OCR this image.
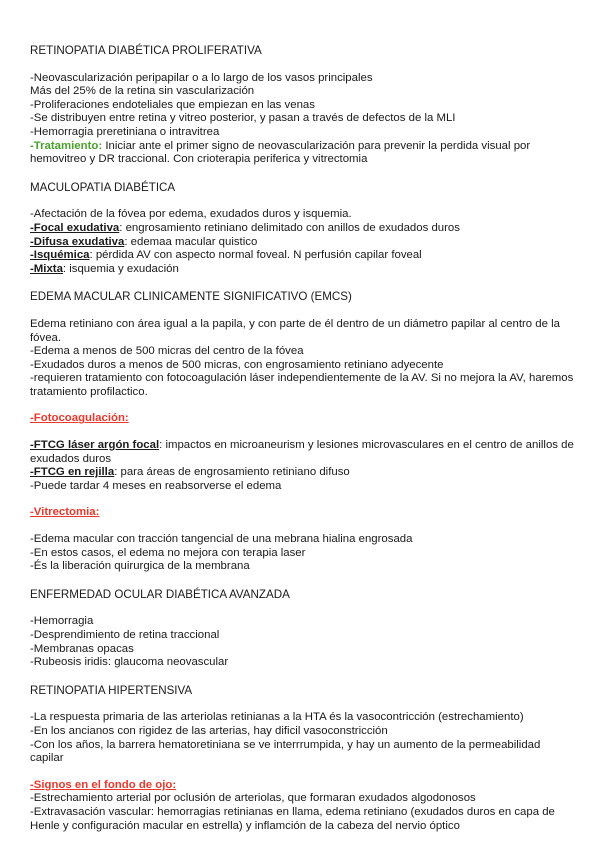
RETINOPATIA DIABÉTICA PROLIFERATIVA

-Neovascularización peripapilar o a lo largo de los vasos principales
Más del 25% de la retina sin vascularización
-Proliferaciones endoteliales que empiezan en las venas
-Se distribuyen entre retina y vitreo posterior, y pasan a través de defectos de la MLI
-Hemorragia preretiniana o intravitrea
-Tratamiento: Iniciar ante el primer signo de neovascularización para prevenir la perdida visual por hemovitreo y DR traccional. Con crioterapia periferica y vitrectomia

MACULOPATIA DIABÉTICA

-Afectación de la fóvea por edema, exudados duros y isquemia.
-Focal exudativa: engrosamiento retiniano delimitado con anillos de exudados duros
-Difusa exudativa: edemaa macular quistico
-Isquémica: pérdida AV con aspecto normal foveal. N perfusión capilar foveal
-Mixta: isquemia y exudación

EDEMA MACULAR CLINICAMENTE SIGNIFICATIVO (EMCS)

Edema retiniano con área igual a la papila, y con parte de él dentro de un diámetro papilar al centro de la fóvea.
-Edema a menos de 500 micras del centro de la fóvea
-Exudados duros a menos de 500 micras, con engrosamiento retiniano adyecente
-requieren tratamiento con fotocoagulación láser independientemente de la AV. Si no mejora la AV, haremos tratamiento profilactico.
-Fotocoagulación:
-FTCG láser argón focal: impactos en microaneurism y lesiones microvasculares en el centro de anillos de exudados duros
-FTCG en rejilla: para áreas de engrosamiento retiniano difuso
-Puede tardar 4 meses en reabsorverse el edema
-Vitrectomia:
-Edema macular con tracción tangencial de una mebrana hialina engrosada
-En estos casos, el edema no mejora con terapia laser
-És la liberación quirurgica de la membrana

ENFERMEDAD OCULAR DIABÉTICA AVANZADA

-Hemorragia
-Desprendimiento de retina traccional
-Membranas opacas
-Rubeosis iridis: glaucoma neovascular

RETINOPATIA HIPERTENSIVA

-La respuesta primaria de las arteriolas retinianas a la HTA és la vasocontricción (estrechamiento)
-En los ancianos con rigidez de las arterias, hay dificil vasoconstricción
-Con los años, la barrera hematoretiniana se ve interrrumpida, y hay un aumento de la permeabilidad capilar
-Signos en el fondo de ojo:
-Estrechamiento arterial por oclusión de arteriolas, que formaran exudados algodonosos
-Extravasación vascular: hemorragias retinianas en llama, edema retiniano (exudados duros en capa de Henle y configuración macular en estrella) y inflamción de la cabeza del nervio óptico
